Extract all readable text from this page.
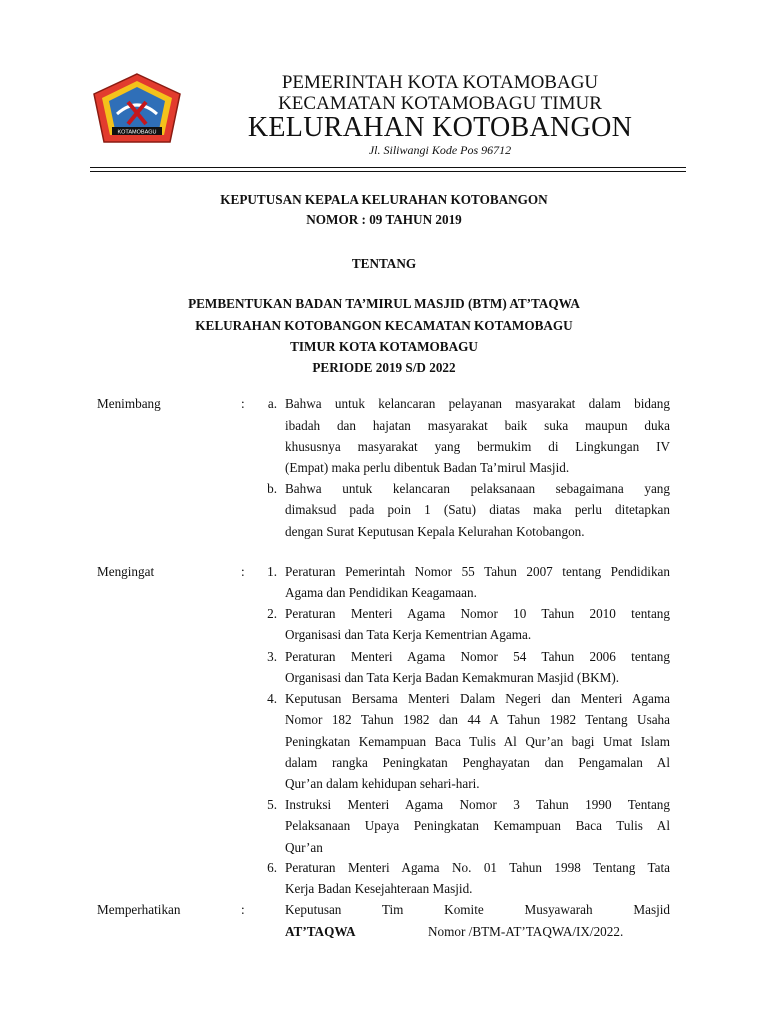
KOTAMOBAGU
PEMERINTAH KOTA KOTAMOBAGU
KECAMATAN KOTAMOBAGU TIMUR
KELURAHAN KOTOBANGON
Jl. Siliwangi Kode Pos 96712
KEPUTUSAN KEPALA KELURAHAN KOTOBANGON
NOMOR : 09 TAHUN 2019
TENTANG
PEMBENTUKAN BADAN TA’MIRUL MASJID (BTM) AT’TAQWA
KELURAHAN KOTOBANGON KECAMATAN KOTAMOBAGU
TIMUR KOTA KOTAMOBAGU
PERIODE 2019 S/D 2022
Menimbang	:	a. Bahwa untuk kelancaran pelayanan masyarakat dalam bidang
ibadah dan hajatan masyarakat baik suka maupun duka
khususnya masyarakat yang bermukim di Lingkungan IV
(Empat) maka perlu dibentuk Badan Ta’mirul Masjid.
b. Bahwa untuk kelancaran pelaksanaan sebagaimana yang
dimaksud pada poin 1 (Satu) diatas maka perlu ditetapkan
dengan Surat Keputusan Kepala Kelurahan Kotobangon.
Mengingat	:	1. Peraturan Pemerintah Nomor 55 Tahun 2007 tentang Pendidikan
Agama dan Pendidikan Keagamaan.
2. Peraturan Menteri Agama Nomor 10 Tahun 2010 tentang
Organisasi dan Tata Kerja Kementrian Agama.
3. Peraturan Menteri Agama Nomor 54 Tahun 2006 tentang
Organisasi dan Tata Kerja Badan Kemakmuran Masjid (BKM).
4. Keputusan Bersama Menteri Dalam Negeri dan Menteri Agama
Nomor 182 Tahun 1982 dan 44 A Tahun 1982 Tentang Usaha
Peningkatan Kemampuan Baca Tulis Al Qur’an bagi Umat Islam
dalam rangka Peningkatan Penghayatan dan Pengamalan Al
Qur’an dalam kehidupan sehari-hari.
5. Instruksi Menteri Agama Nomor 3 Tahun 1990 Tentang
Pelaksanaan Upaya Peningkatan Kemampuan Baca Tulis Al
Qur’an
6. Peraturan Menteri Agama No. 01 Tahun 1998 Tentang Tata
Kerja Badan Kesejahteraan Masjid.
Memperhatikan	:	Keputusan Tim Komite Musyawarah Masjid
AT’TAQWA	Nomor /BTM-AT’TAQWA/IX/2022.
